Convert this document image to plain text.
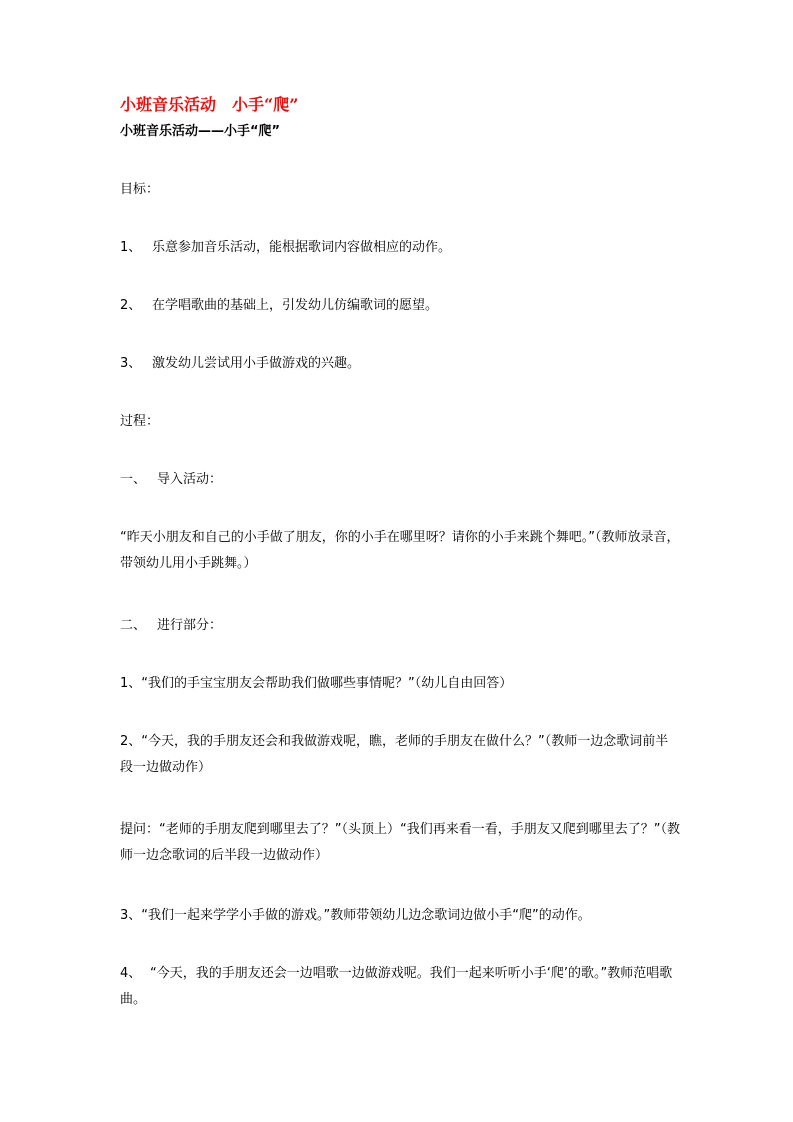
小班音乐活动　小手“爬”
小班音乐活动——小手“爬”
目标：
1、 乐意参加音乐活动，能根据歌词内容做相应的动作。
2、 在学唱歌曲的基础上，引发幼儿仿编歌词的愿望。
3、 激发幼儿尝试用小手做游戏的兴趣。
过程：
一、 导入活动：
“昨天小朋友和自己的小手做了朋友，你的小手在哪里呀？请你的小手来跳个舞吧。”（教师放录音，带领幼儿用小手跳舞。）
二、 进行部分：
1、“我们的手宝宝朋友会帮助我们做哪些事情呢？”（幼儿自由回答）
2、“今天，我的手朋友还会和我做游戏呢，瞧，老师的手朋友在做什么？”（教师一边念歌词前半段一边做动作）
提问：“老师的手朋友爬到哪里去了？”（头顶上）“我们再来看一看，手朋友又爬到哪里去了？”（教师一边念歌词的后半段一边做动作）
3、“我们一起来学学小手做的游戏。”教师带领幼儿边念歌词边做小手“爬”的动作。
4、 “今天，我的手朋友还会一边唱歌一边做游戏呢。我们一起来听听小手‘爬’的歌。”教师范唱歌曲。
